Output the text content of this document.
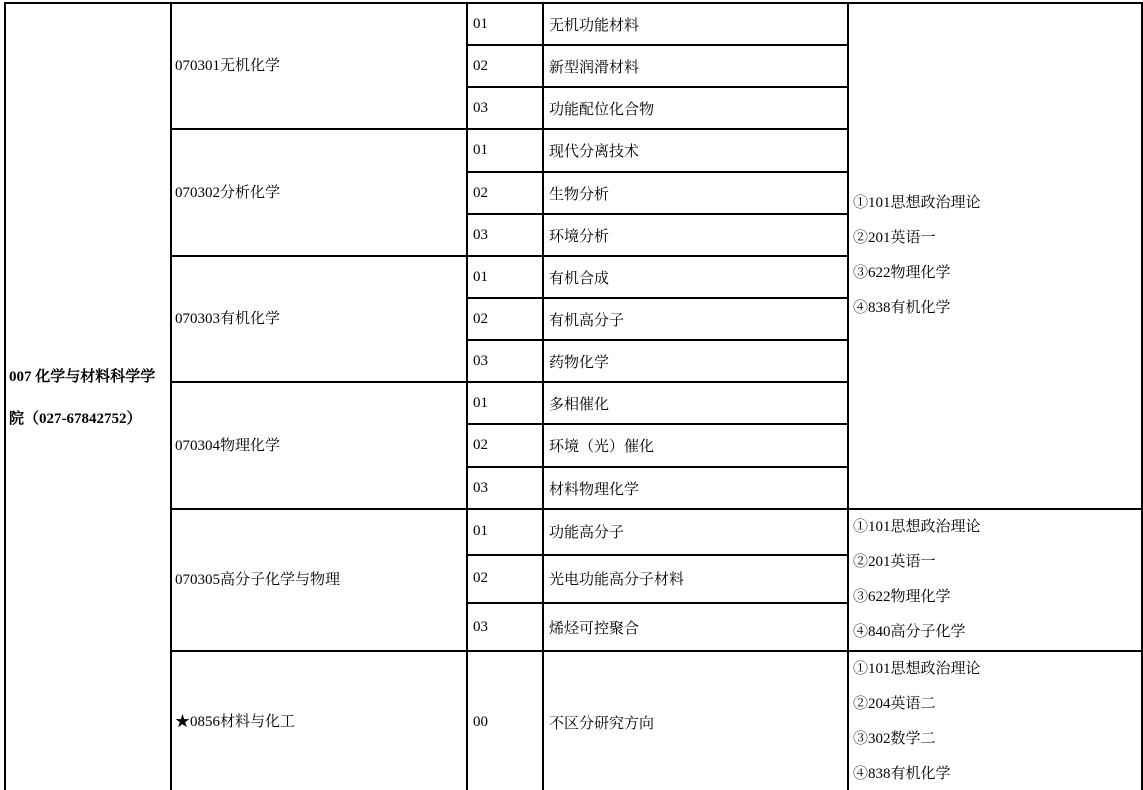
007 化学与材料科学学院（027-67842752）	070301无机化学	01	无机功能材料	①101思想政治理论
②201英语一
③622物理化学
④838有机化学

		02	新型润滑材料	
		03	功能配位化合物	
	070302分析化学	01	现代分离技术	
		02	生物分析	
		03	环境分析	
	070303有机化学	01	有机合成	
		02	有机高分子	
		03	药物化学	
	070304物理化学	01	多相催化	
		02	环境（光）催化	
		03	材料物理化学	
	070305高分子化学与物理	01	功能高分子	①101思想政治理论
②201英语一
③622物理化学
④840高分子化学

		02	光电功能高分子材料	
		03	烯烃可控聚合	
	★0856材料与化工	00	不区分研究方向	①101思想政治理论
②204英语二
③302数学二
④838有机化学
